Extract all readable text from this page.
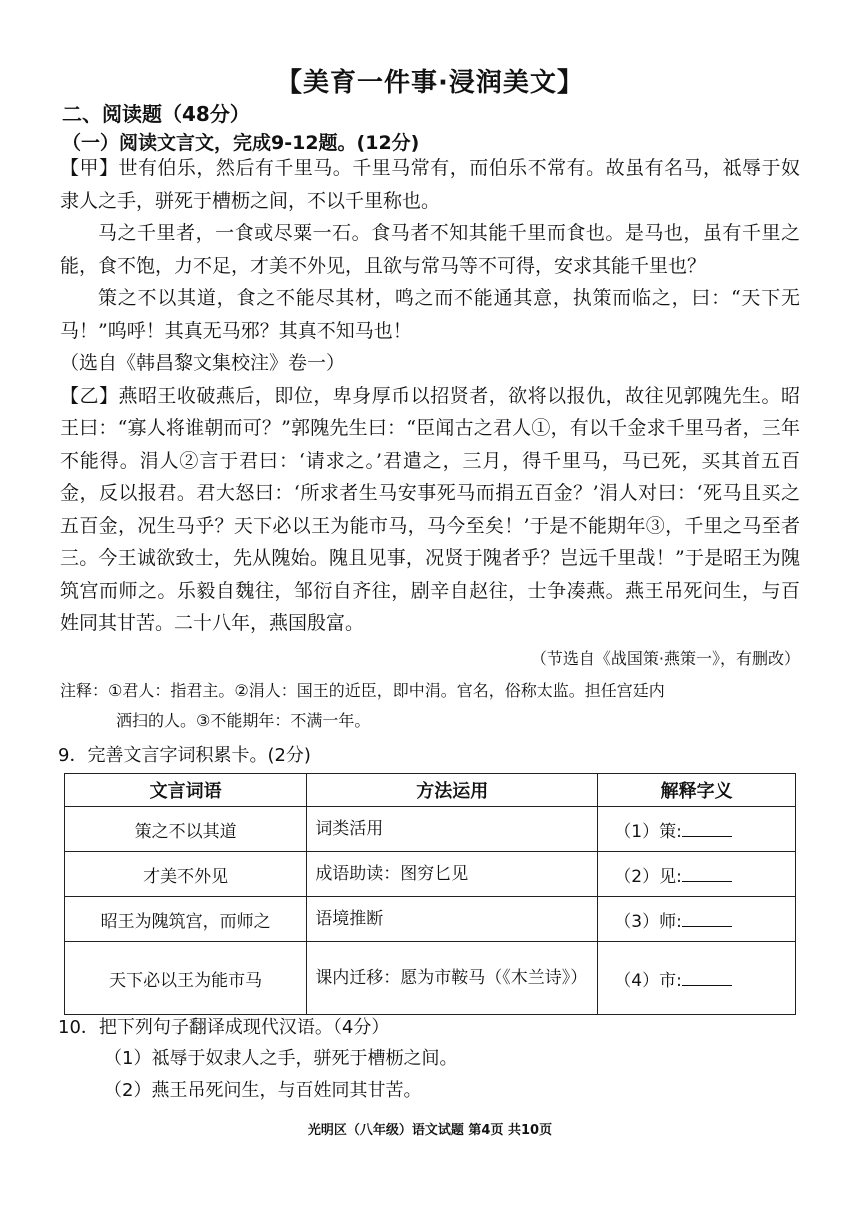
【美育一件事·浸润美文】
二、阅读题（48分）
（一）阅读文言文，完成9-12题。(12分)

【甲】世有伯乐，然后有千里马。千里马常有，而伯乐不常有。故虽有名马，祗辱于奴隶人之手，骈死于槽枥之间，不以千里称也。

马之千里者，一食或尽粟一石。食马者不知其能千里而食也。是马也，虽有千里之能，食不饱，力不足，才美不外见，且欲与常马等不可得，安求其能千里也？

策之不以其道，食之不能尽其材，鸣之而不能通其意，执策而临之，曰：“天下无马！”呜呼！其真无马邪？其真不知马也！

（选自《韩昌黎文集校注》卷一）

【乙】燕昭王收破燕后，即位，卑身厚币以招贤者，欲将以报仇，故往见郭隗先生。昭王曰：“寡人将谁朝而可？”郭隗先生曰：“臣闻古之君人①，有以千金求千里马者，三年不能得。涓人②言于君曰：‘请求之。’君遣之，三月，得千里马，马已死，买其首五百金，反以报君。君大怒曰：‘所求者生马安事死马而捐五百金？’涓人对曰：‘死马且买之五百金，况生马乎？天下必以王为能市马，马今至矣！’于是不能期年③，千里之马至者三。今王诚欲致士，先从隗始。隗且见事，况贤于隗者乎？岂远千里哉！”于是昭王为隗筑宫而师之。乐毅自魏往，邹衍自齐往，剧辛自赵往，士争凑燕。燕王吊死问生，与百姓同其甘苦。二十八年，燕国殷富。

（节选自《战国策·燕策一》，有删改）
注释：①君人：指君主。②涓人：国王的近臣，即中涓。官名，俗称太监。担任宫廷内
洒扫的人。③不能期年：不满一年。
9．完善文言字词积累卡。(2分)
文言词语	方法运用	解释字义
策之不以其道	词类活用	（1）策:
才美不外见	成语助读：图穷匕见	（2）见:
昭王为隗筑宫，而师之	语境推断	（3）师:
天下必以王为能市马	课内迁移：愿为市鞍马（《木兰诗》）	（4）市:
10．把下列句子翻译成现代汉语。（4分）
（1）祗辱于奴隶人之手，骈死于槽枥之间。
（2）燕王吊死问生，与百姓同其甘苦。
光明区（八年级）语文试题 第4页 共10页
